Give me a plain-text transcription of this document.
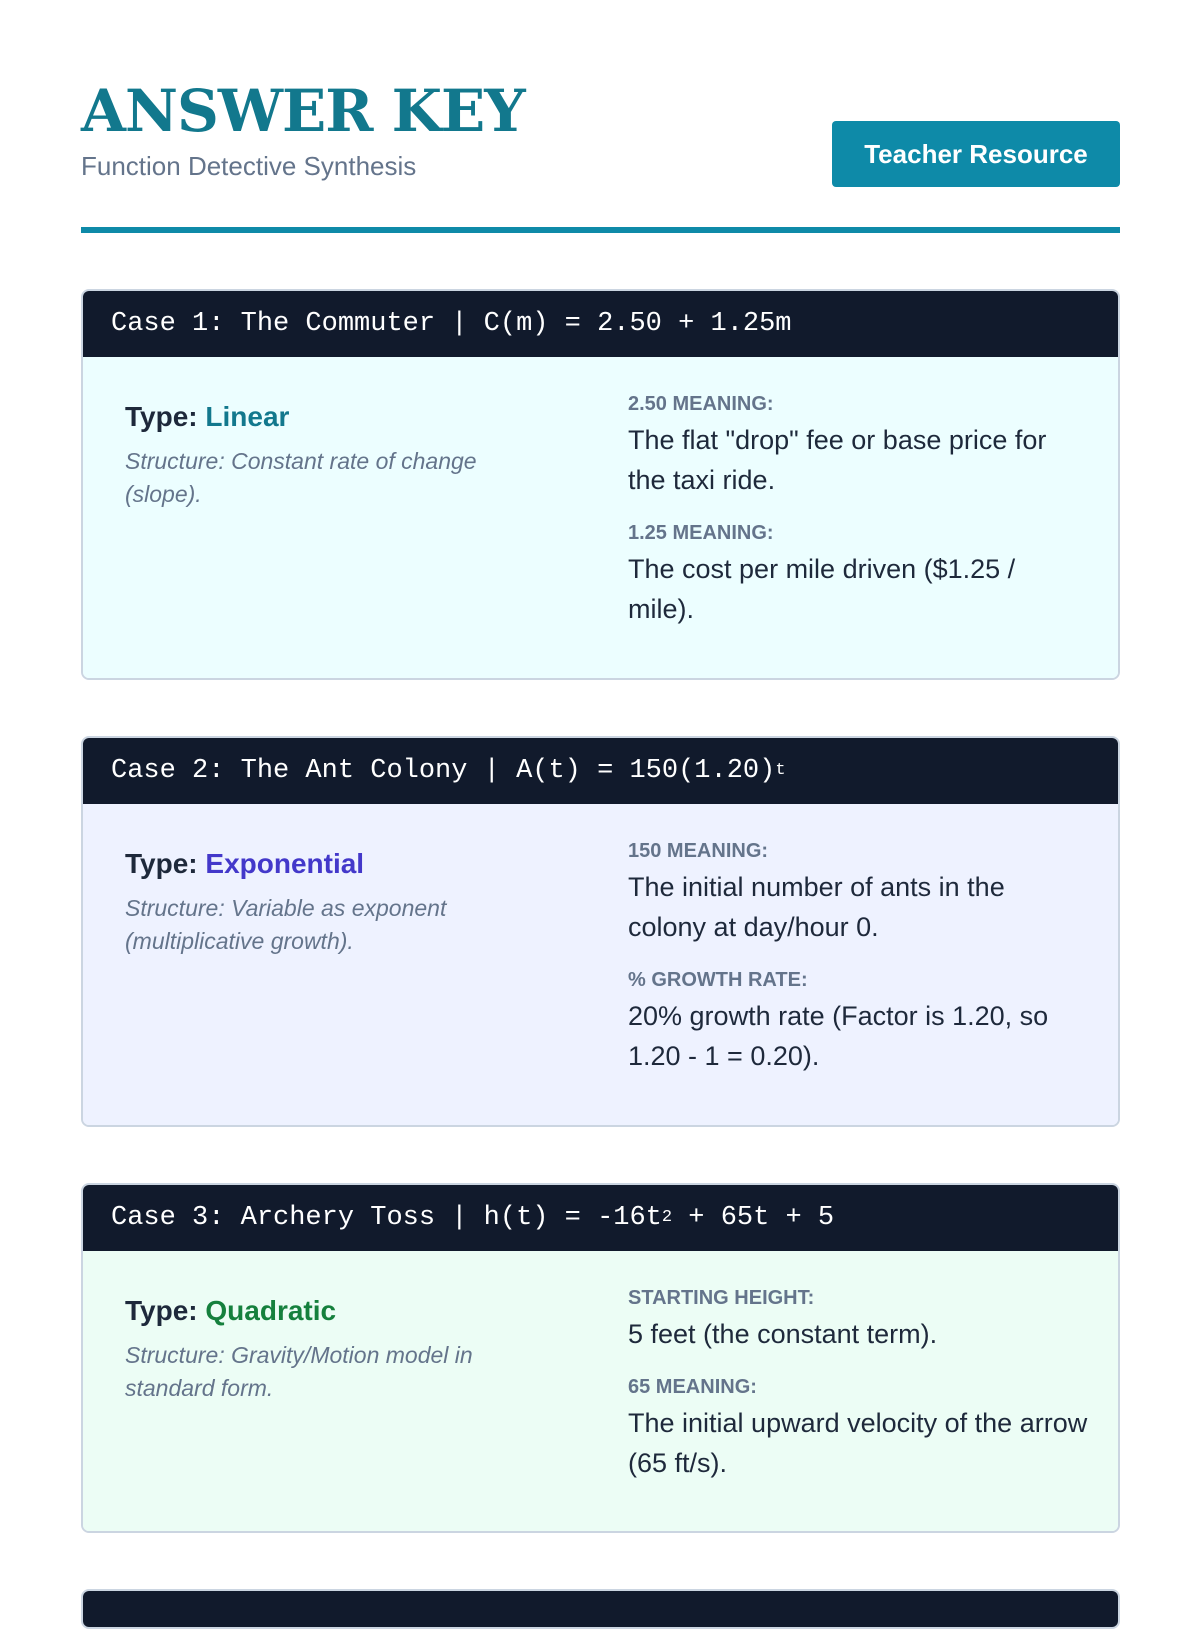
ANSWER KEY
Function Detective Synthesis	Teacher Resource
Case 1: The Commuter | C(m) = 2.50 + 1.25m
Type: Linear
Structure: Constant rate of change (slope).
2.50 MEANING:
The flat "drop" fee or base price for the taxi ride.
1.25 MEANING:
The cost per mile driven ($1.25 / mile).
Case 2: The Ant Colony | A(t) = 150(1.20) t
Type: Exponential
Structure: Variable as exponent (multiplicative growth).
150 MEANING:
The initial number of ants in the colony at day/hour 0.
% GROWTH RATE:
20% growth rate (Factor is 1.20, so 1.20 - 1 = 0.20).
Case 3: Archery Toss | h(t) = -16t 2 + 65t + 5
Type: Quadratic
Structure: Gravity/Motion model in standard form.
STARTING HEIGHT:
5 feet (the constant term).
65 MEANING:
The initial upward velocity of the arrow (65 ft/s).
